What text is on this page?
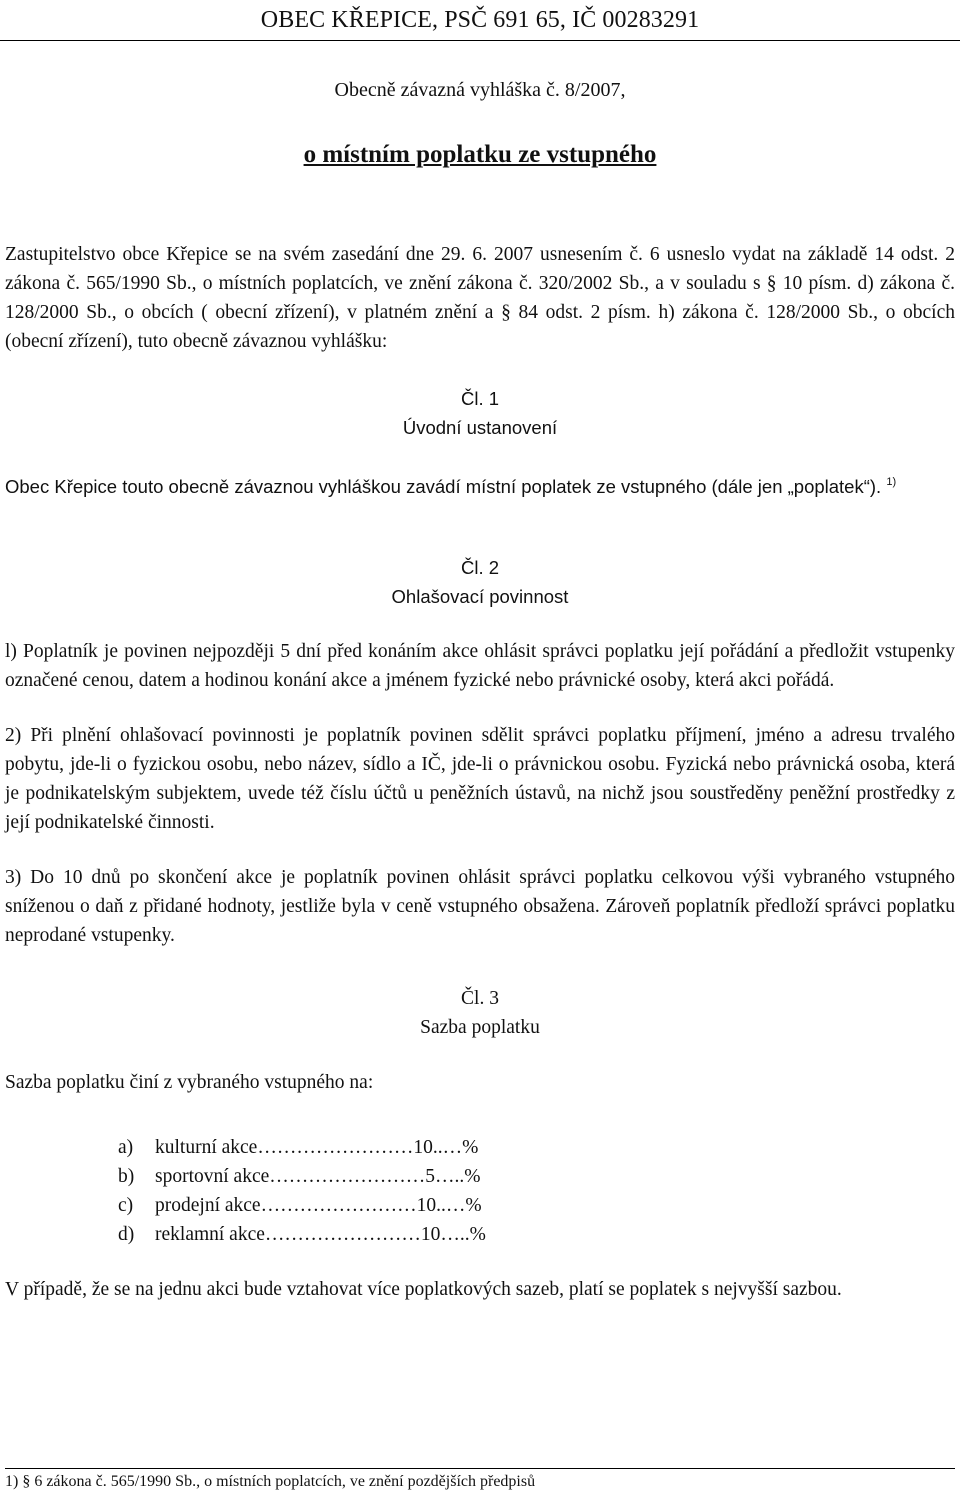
OBEC KŘEPICE, PSČ 691 65, IČ 00283291
Obecně závazná vyhláška č. 8/2007,
o místním poplatku ze vstupného

Zastupitelstvo obce Křepice se na svém zasedání dne 29. 6. 2007 usnesením č. 6 usneslo vydat na základě 14 odst. 2 zákona č. 565/1990 Sb., o místních poplatcích, ve znění zákona č. 320/2002 Sb., a v souladu s § 10 písm. d) zákona č. 128/2000 Sb., o obcích ( obecní zřízení), v platném znění a § 84 odst. 2 písm. h) zákona č. 128/2000 Sb., o obcích (obecní zřízení), tuto obecně závaznou vyhlášku:

Čl. 1
Úvodní ustanovení

Obec Křepice touto obecně závaznou vyhláškou zavádí místní poplatek ze vstupného (dále jen „poplatek“). $^{1)}$

Čl. 2
Ohlašovací povinnost

l) Poplatník je povinen nejpozději 5 dní před konáním akce ohlásit správci poplatku její pořádání a předložit vstupenky označené cenou, datem a hodinou konání akce a jménem fyzické nebo právnické osoby, která akci pořádá.

2) Při plnění ohlašovací povinnosti je poplatník povinen sdělit správci poplatku příjmení, jméno a adresu trvalého pobytu, jde-li o fyzickou osobu, nebo název, sídlo a IČ, jde-li o právnickou osobu. Fyzická nebo právnická osoba, která je podnikatelským subjektem, uvede též číslu účtů u peněžních ústavů, na nichž jsou soustředěny peněžní prostředky z její podnikatelské činnosti.

3) Do 10 dnů po skončení akce je poplatník povinen ohlásit správci poplatku celkovou výši vybraného vstupného sníženou o daň z přidané hodnoty, jestliže byla v ceně vstupného obsažena. Zároveň poplatník předloží správci poplatku neprodané vstupenky.

Čl. 3
Sazba poplatku

Sazba poplatku činí z vybraného vstupného na:

a) kulturní akce……………………10..…%
b) sportovní akce……………………5…..%
c) prodejní akce……………………10..…%
d) reklamní akce……………………10…..%

V případě, že se na jednu akci bude vztahovat více poplatkových sazeb, platí se poplatek s nejvyšší sazbou.

1) § 6 zákona č. 565/1990 Sb., o místních poplatcích, ve znění pozdějších předpisů
